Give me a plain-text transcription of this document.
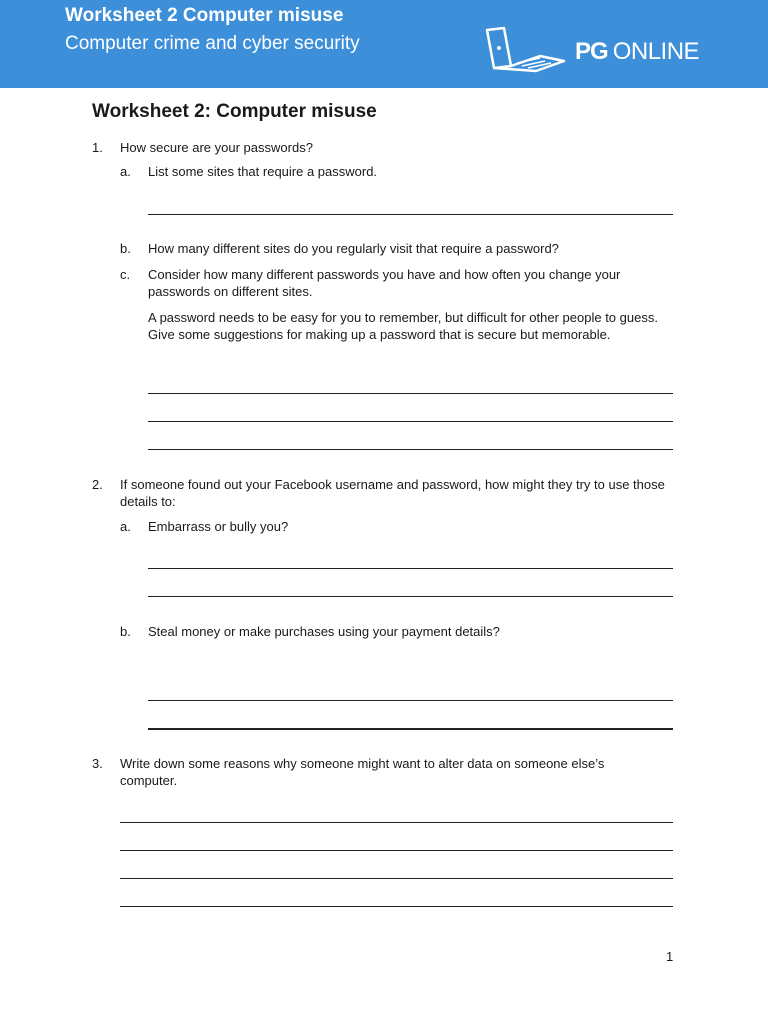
Worksheet 2 Computer misuse
Computer crime and cyber security	PG ONLINE
Worksheet 2: Computer misuse
1. How secure are your passwords?
a. List some sites that require a password.
b. How many different sites do you regularly visit that require a password?
c. Consider how many different passwords you have and how often you change your passwords on different sites.
A password needs to be easy for you to remember, but difficult for other people to guess. Give some suggestions for making up a password that is secure but memorable.
2. If someone found out your Facebook username and password, how might they try to use those details to:
a. Embarrass or bully you?
b. Steal money or make purchases using your payment details?
3. Write down some reasons why someone might want to alter data on someone else’s computer.
1
